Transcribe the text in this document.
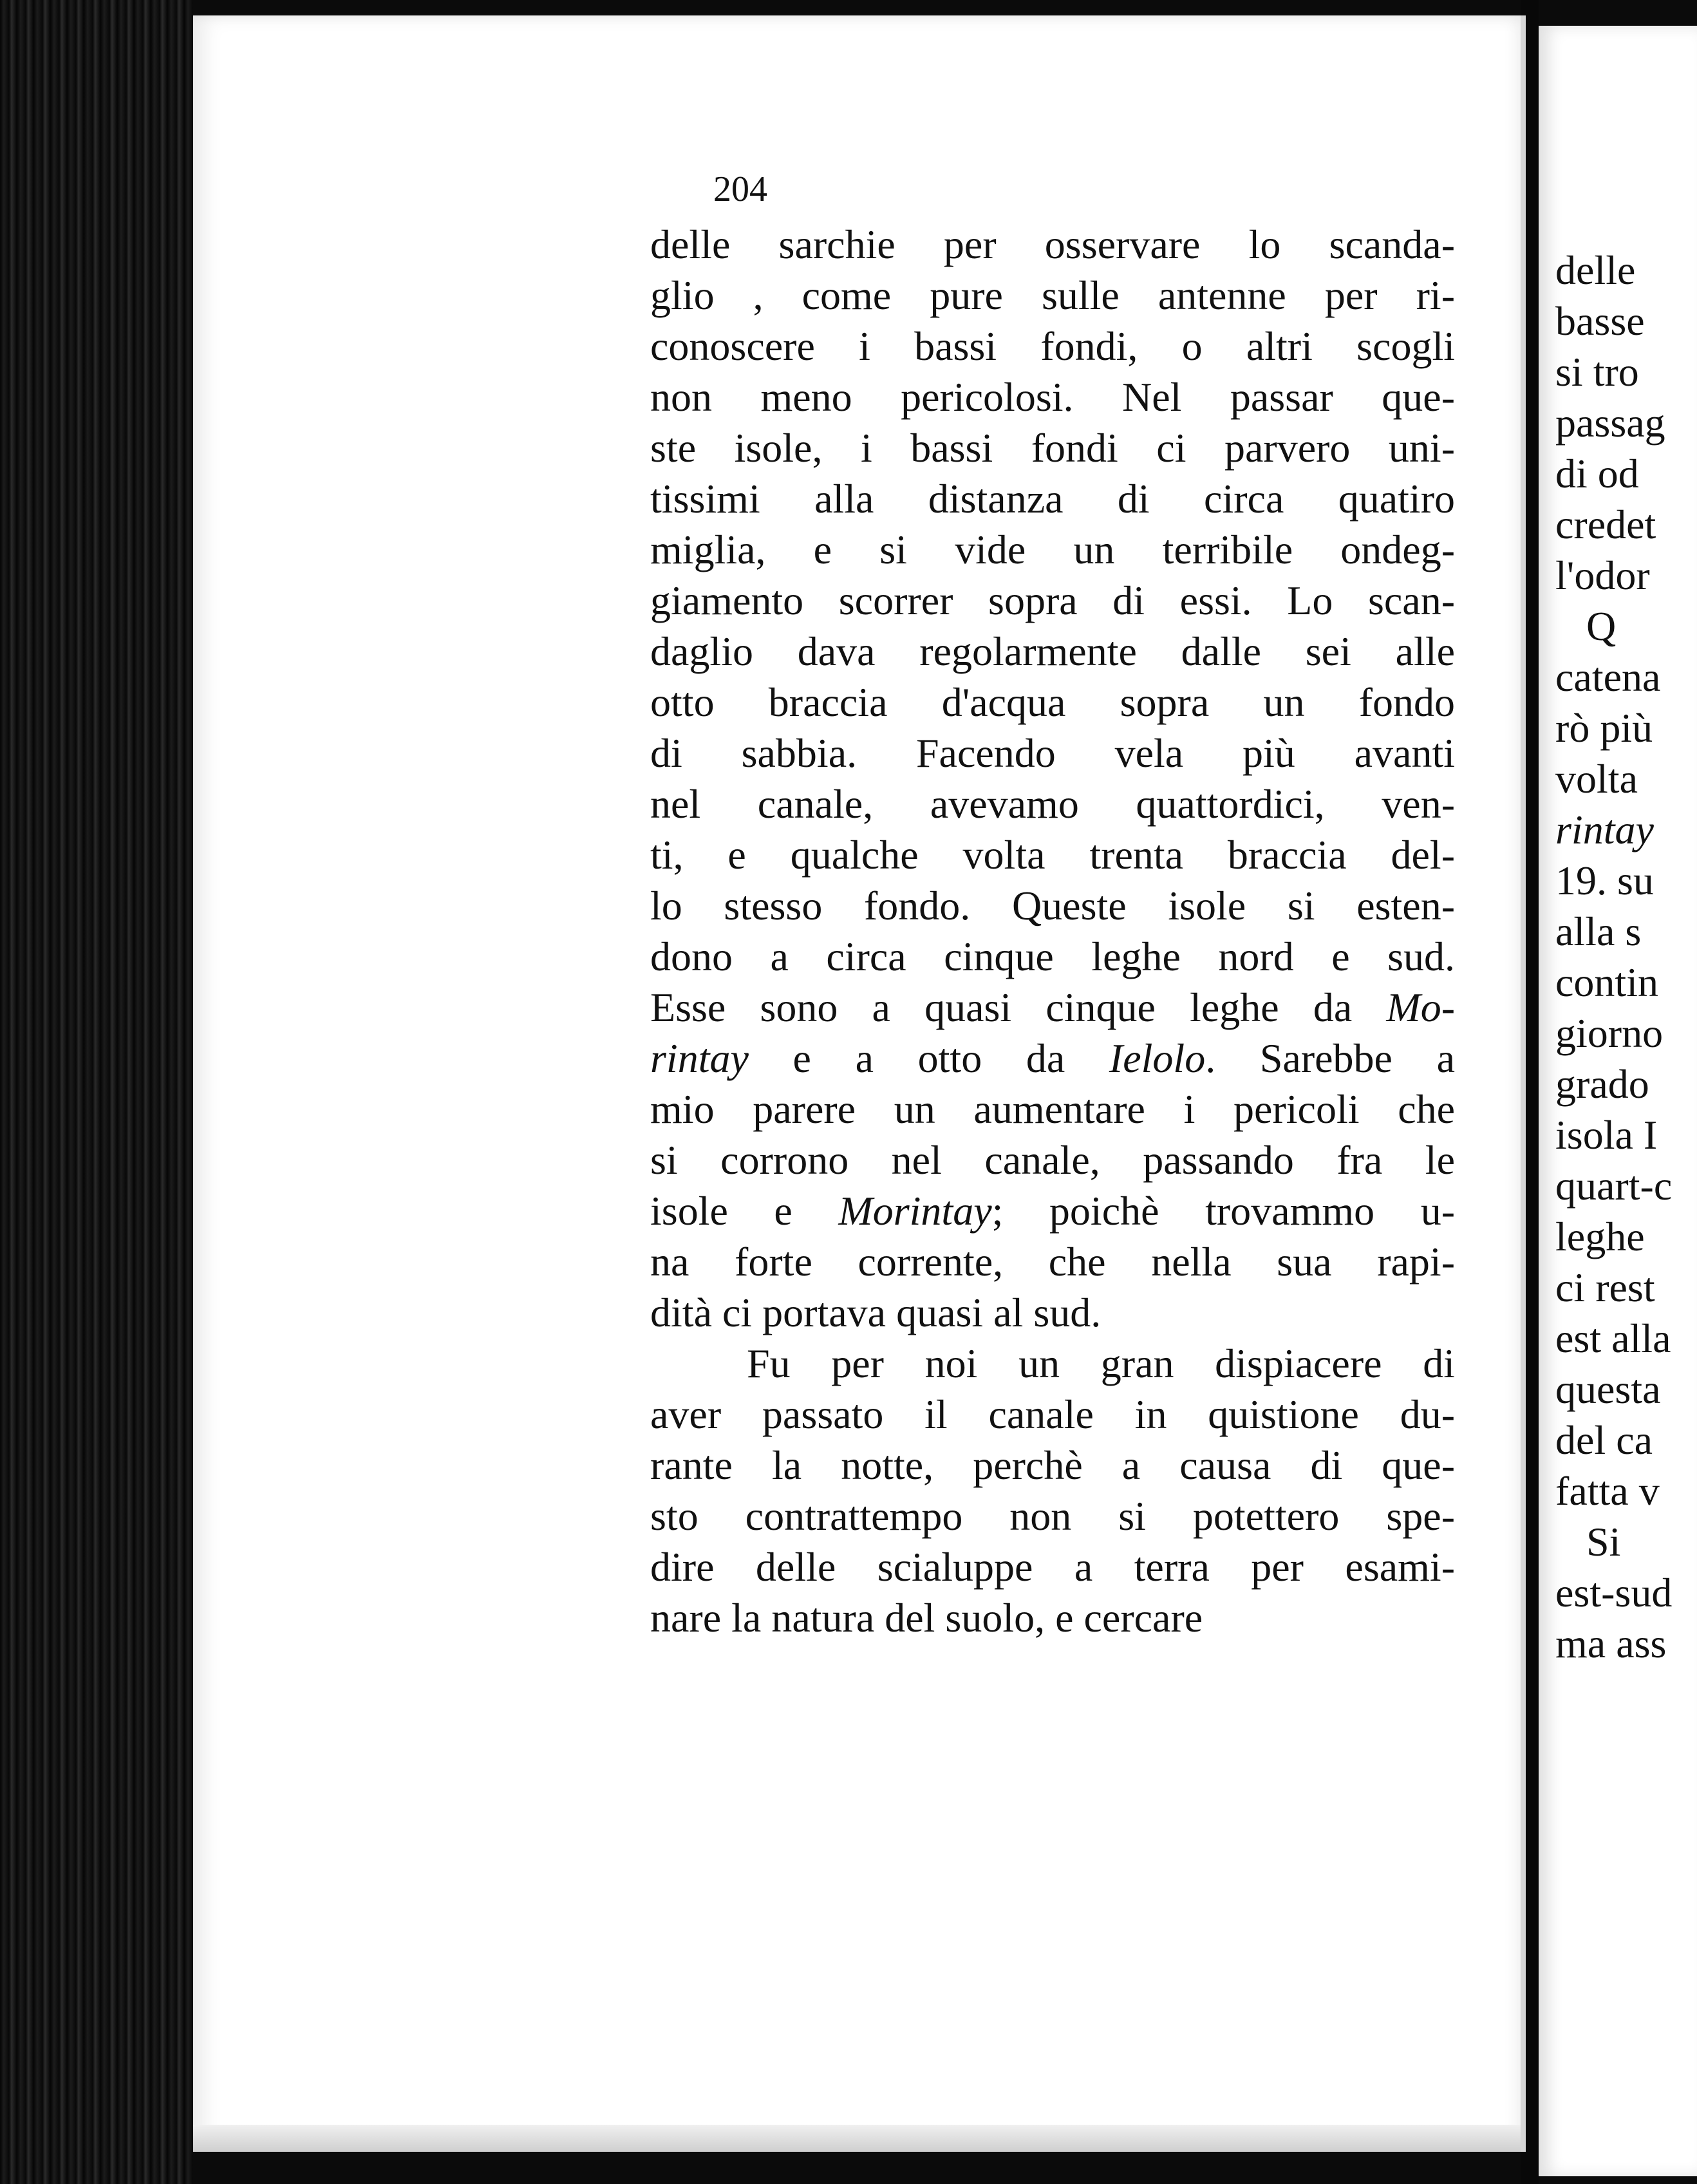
204
delle sarchie per osservare lo scanda-
glio , come pure sulle antenne per ri-
conoscere i bassi fondi, o altri scogli
non meno pericolosi. Nel passar que-
ste isole, i bassi fondi ci parvero uni-
tissimi alla distanza di circa quatiro
miglia, e si vide un terribile ondeg-
giamento scorrer sopra di essi. Lo scan-
daglio dava regolarmente dalle sei alle
otto braccia d'acqua sopra un fondo
di sabbia. Facendo vela più avanti
nel canale, avevamo quattordici, ven-
ti, e qualche volta trenta braccia del-
lo stesso fondo. Queste isole si esten-
dono a circa cinque leghe nord e sud.
Esse sono a quasi cinque leghe da Mo-
rintay e a otto da Ielolo. Sarebbe a
mio parere un aumentare i pericoli che
si corrono nel canale, passando fra le
isole e Morintay; poichè trovammo u-
na forte corrente, che nella sua rapi-
dità ci portava quasi al sud.
Fu per noi un gran dispiacere di
aver passato il canale in quistione du-
rante la notte, perchè a causa di que-
sto contrattempo non si potettero spe-
dire delle scialuppe a terra per esami-
nare la natura del suolo, e cercare
delle
basse
si tro
passag
di od
credet
l'odor
Q
catena
rò più
volta
rintay
19. su
alla s
contin
giorno
grado
isola I
quart-c
leghe
ci rest
est alla
questa
del ca
fatta v
Si
est-sud
ma ass
